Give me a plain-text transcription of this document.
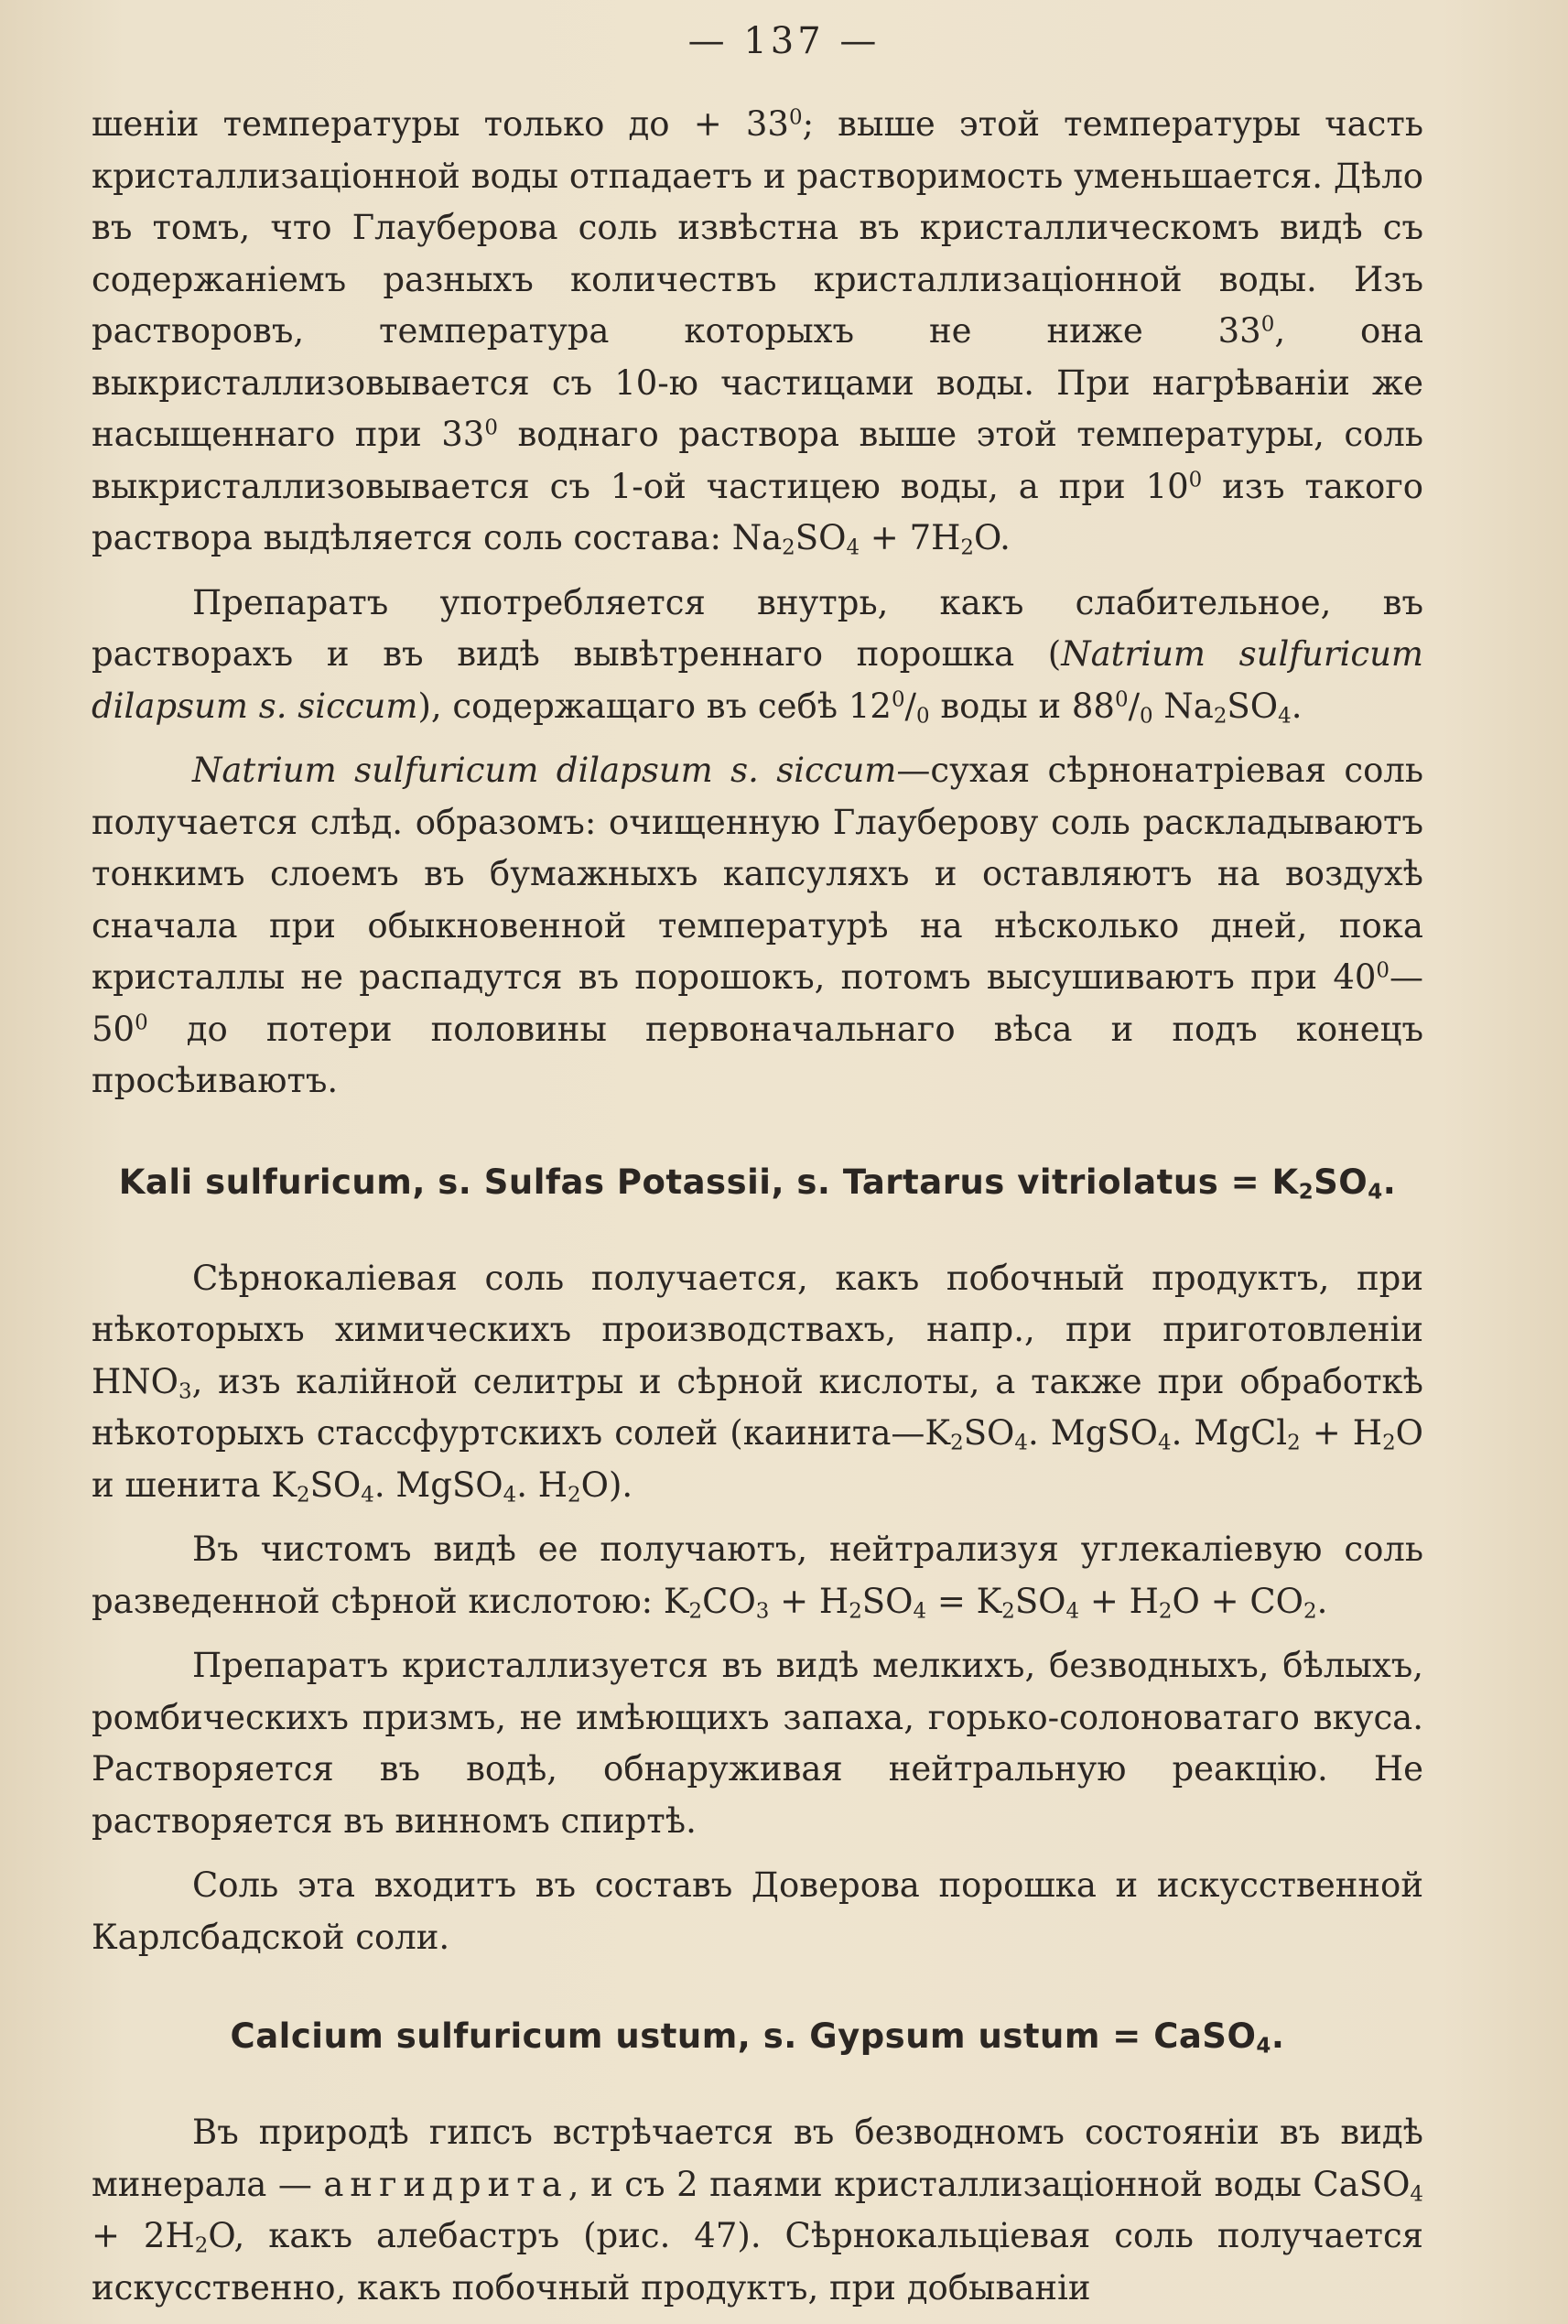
— 137 —

шенiи температуры только до + $33^0$; выше этой температуры часть кристаллизацiонной воды отпадаетъ и растворимость уменьшается. Дѣло въ томъ, что Глауберова соль извѣстна въ кристаллическомъ видѣ съ содержанiемъ разныхъ количествъ кристаллизацiонной воды. Изъ растворовъ, температура которыхъ не ниже $33^0$, она выкристаллизовывается съ 10-ю частицами воды. При нагрѣванiи же насыщеннаго при $33^0$ воднаго раствора выше этой температуры, соль выкристаллизовывается съ 1-ой частицею воды, а при $10^0$ изъ такого раствора выдѣляется соль состава: $Na_2SO_4 + 7H_2O$.

Препаратъ употребляется внутрь, какъ слабительное, въ растворахъ и въ видѣ вывѣтреннаго порошка (Natrium sulfuricum dilapsum s. siccum), содержащаго въ себѣ $12^0/_0$ воды и $88^0/_0$ $Na_2SO_4$.

Natrium sulfuricum dilapsum s. siccum—сухая сѣрнонатрiевая соль получается слѣд. образомъ: очищенную Глауберову соль раскладываютъ тонкимъ слоемъ въ бумажныхъ капсуляхъ и оставляютъ на воздухѣ сначала при обыкновенной температурѣ на нѣсколько дней, пока кристаллы не распадутся въ порошокъ, потомъ высушиваютъ при $40^0—50^0$ до потери половины первоначальнаго вѣса и подъ конецъ просѣиваютъ.

Kali sulfuricum, s. Sulfas Potassii, s. Tartarus vitriolatus = $K_2SO_4$.

Сѣрнокалiевая соль получается, какъ побочный продуктъ, при нѣкоторыхъ химическихъ производствахъ, напр., при приготовленiи $HNO_3$, изъ калiйной селитры и сѣрной кислоты, а также при обработкѣ нѣкоторыхъ стассфуртскихъ солей ($каинита—K_2SO_4$. MgSO$_4$. MgCl$_2$ + $H_2O$ и шенита $K_2SO_4$. MgSO$_4$. $H_2O$).

Въ чистомъ видѣ ее получаютъ, нейтрализуя углекалiевую соль разведенной сѣрной кислотою: $K_2CO_3 + H_2SO_4 = K_2SO_4 + H_2O + CO_2$.

Препаратъ кристаллизуется въ видѣ мелкихъ, безводныхъ, бѣлыхъ, ромбическихъ призмъ, не имѣющихъ запаха, горько-солоноватаго вкуса. Растворяется въ водѣ, обнаруживая нейтральную реакцiю. Не растворяется въ винномъ спиртѣ.

Соль эта входитъ въ составъ Доверова порошка и искусственной Карлсбадской соли.

Calcium sulfuricum ustum, s. Gypsum ustum = CaSO$_4$.

Въ природѣ гипсъ встрѣчается въ безводномъ состоянiи въ видѣ минерала — ангидрита, и съ 2 паями кристаллизацiонной воды CaSO$_4$ + $2H_2O$, какъ алебастръ (рис. 47). Сѣрнокальцiевая соль получается искусственно, какъ побочный продуктъ, при добыванiи
